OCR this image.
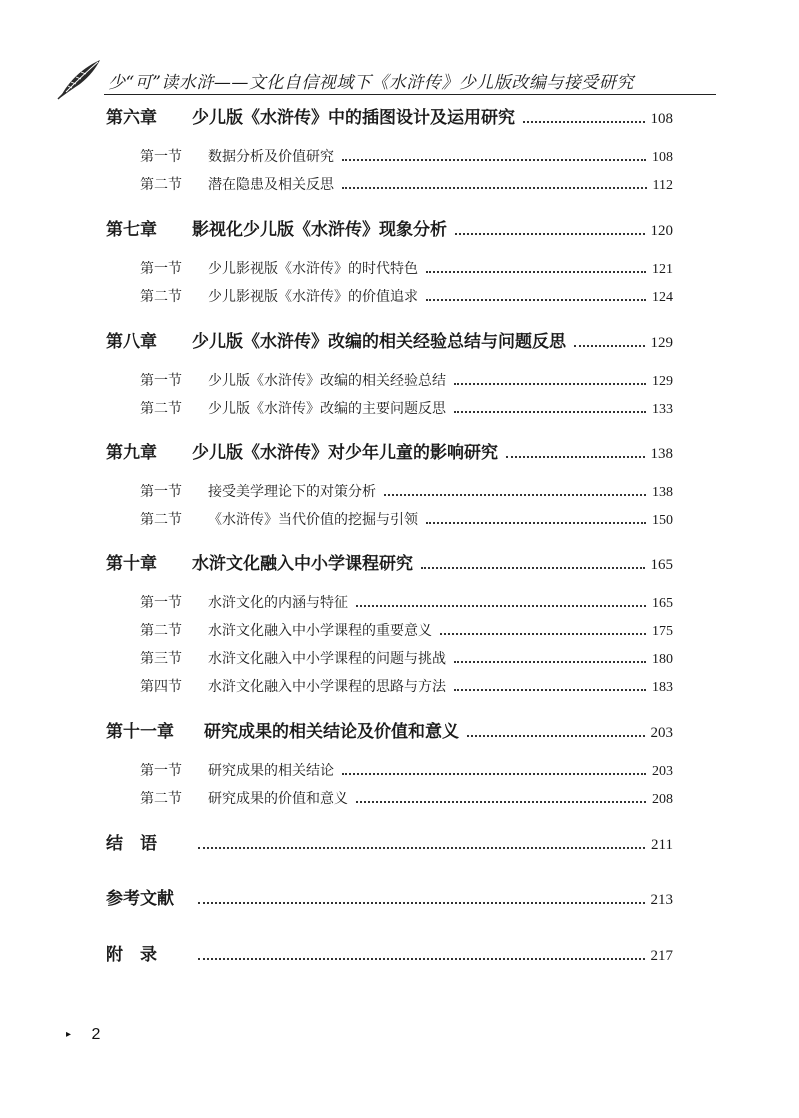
少“可”读水浒——文化自信视域下《水浒传》少儿版改编与接受研究
第六章	少儿版《水浒传》中的插图设计及运用研究	108
第一节	数据分析及价值研究	108
第二节	潜在隐患及相关反思	112
第七章	影视化少儿版《水浒传》现象分析	120
第一节	少儿影视版《水浒传》的时代特色	121
第二节	少儿影视版《水浒传》的价值追求	124
第八章	少儿版《水浒传》改编的相关经验总结与问题反思	129
第一节	少儿版《水浒传》改编的相关经验总结	129
第二节	少儿版《水浒传》改编的主要问题反思	133
第九章	少儿版《水浒传》对少年儿童的影响研究	138
第一节	接受美学理论下的对策分析	138
第二节	《水浒传》当代价值的挖掘与引领	150
第十章	水浒文化融入中小学课程研究	165
第一节	水浒文化的内涵与特征	165
第二节	水浒文化融入中小学课程的重要意义	175
第三节	水浒文化融入中小学课程的问题与挑战	180
第四节	水浒文化融入中小学课程的思路与方法	183
第十一章	研究成果的相关结论及价值和意义	203
第一节	研究成果的相关结论	203
第二节	研究成果的价值和意义	208
结　语	211
参考文献	213
附　录	217
▸ 2
